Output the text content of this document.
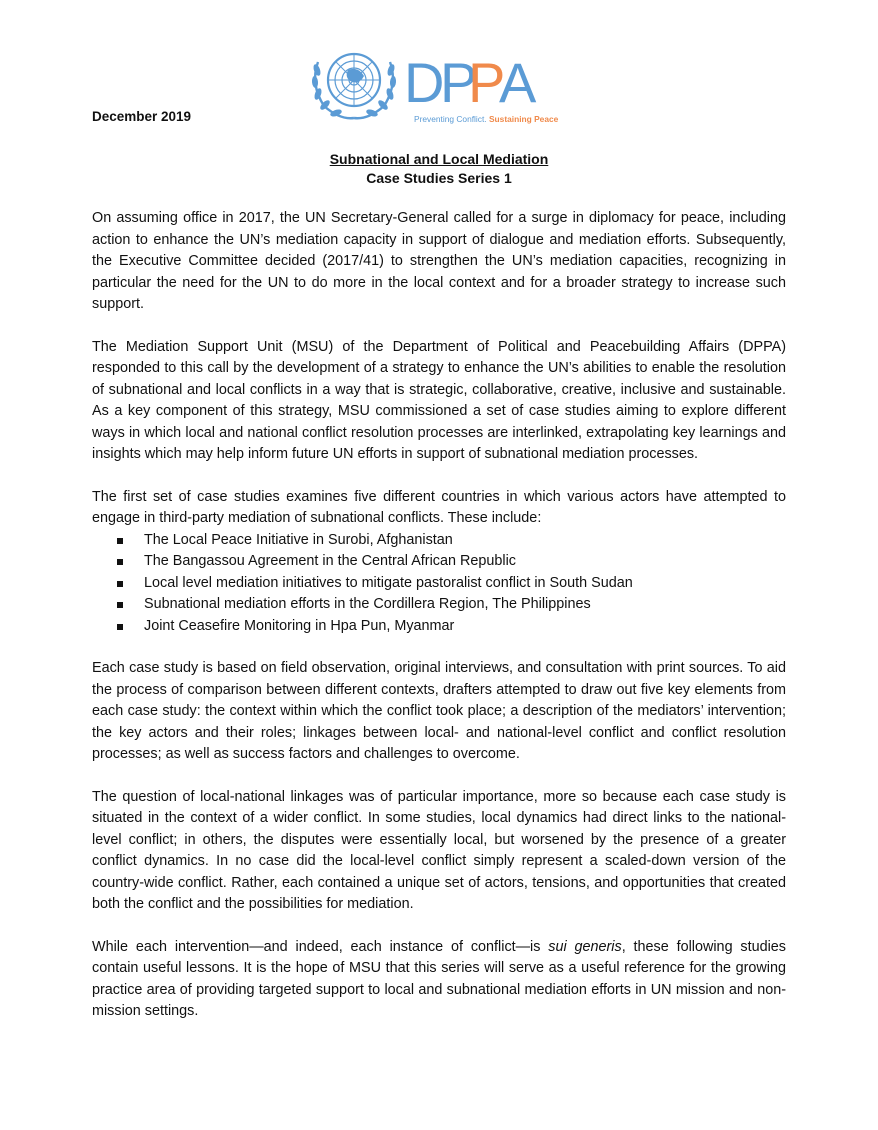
D
P
P
A
Preventing Conflict. Sustaining Peace
December 2019
Subnational and Local Mediation
Case Studies Series 1

On assuming office in 2017, the UN Secretary-General called for a surge in diplomacy for peace, including action to enhance the UN’s mediation capacity in support of dialogue and mediation efforts. Subsequently, the Executive Committee decided (2017/41) to strengthen the UN’s mediation capacities, recognizing in particular the need for the UN to do more in the local context and for a broader strategy to increase such support.

The Mediation Support Unit (MSU) of the Department of Political and Peacebuilding Affairs (DPPA) responded to this call by the development of a strategy to enhance the UN’s abilities to enable the resolution of subnational and local conflicts in a way that is strategic, collaborative, creative, inclusive and sustainable. As a key component of this strategy, MSU commissioned a set of case studies aiming to explore different ways in which local and national conflict resolution processes are interlinked, extrapolating key learnings and insights which may help inform future UN efforts in support of subnational mediation processes.

The first set of case studies examines five different countries in which various actors have attempted to engage in third-party mediation of subnational conflicts. These include:

The Local Peace Initiative in Surobi, Afghanistan
The Bangassou Agreement in the Central African Republic
Local level mediation initiatives to mitigate pastoralist conflict in South Sudan
Subnational mediation efforts in the Cordillera Region, The Philippines
Joint Ceasefire Monitoring in Hpa Pun, Myanmar

Each case study is based on field observation, original interviews, and consultation with print sources. To aid the process of comparison between different contexts, drafters attempted to draw out five key elements from each case study: the context within which the conflict took place; a description of the mediators’ intervention; the key actors and their roles; linkages between local- and national-level conflict and conflict resolution processes; as well as success factors and challenges to overcome.

The question of local-national linkages was of particular importance, more so because each case study is situated in the context of a wider conflict. In some studies, local dynamics had direct links to the national-level conflict; in others, the disputes were essentially local, but worsened by the presence of a greater conflict dynamics. In no case did the local-level conflict simply represent a scaled-down version of the country-wide conflict. Rather, each contained a unique set of actors, tensions, and opportunities that created both the conflict and the possibilities for mediation.

While each intervention—and indeed, each instance of conflict—is sui generis, these following studies contain useful lessons. It is the hope of MSU that this series will serve as a useful reference for the growing practice area of providing targeted support to local and subnational mediation efforts in UN mission and non-mission settings.
